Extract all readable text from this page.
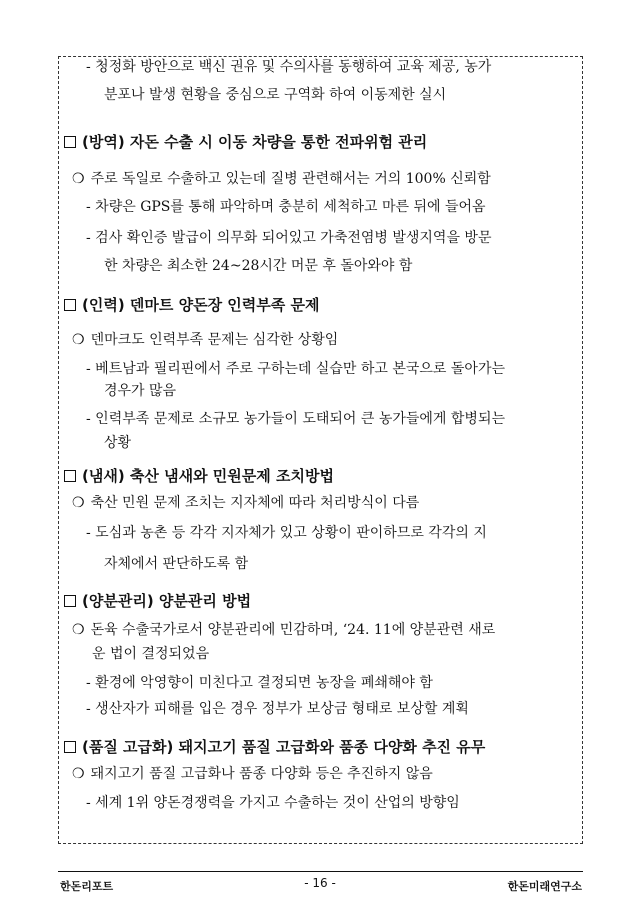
- 청정화 방안으로 백신 권유 및 수의사를 동행하여 교육 제공, 농가
분포나 발생 현황을 중심으로 구역화 하여 이동제한 실시
(방역) 자돈 수출 시 이동 차량을 통한 전파위험 관리
❍ 주로 독일로 수출하고 있는데 질병 관련해서는 거의 100% 신뢰함
- 차량은 GPS를 통해 파악하며 충분히 세척하고 마른 뒤에 들어옴
- 검사 확인증 발급이 의무화 되어있고 가축전염병 발생지역을 방문
한 차량은 최소한 24~28시간 머문 후 돌아와야 함
(인력) 덴마트 양돈장 인력부족 문제
❍ 덴마크도 인력부족 문제는 심각한 상황임
- 베트남과 필리핀에서 주로 구하는데 실습만 하고 본국으로 돌아가는
경우가 많음
- 인력부족 문제로 소규모 농가들이 도태되어 큰 농가들에게 합병되는
상황
(냄새) 축산 냄새와 민원문제 조치방법
❍ 축산 민원 문제 조치는 지자체에 따라 처리방식이 다름
- 도심과 농촌 등 각각 지자체가 있고 상황이 판이하므로 각각의 지
자체에서 판단하도록 함
(양분관리) 양분관리 방법
❍ 돈육 수출국가로서 양분관리에 민감하며, ‘24. 11에 양분관련 새로
운 법이 결정되었음
- 환경에 악영향이 미친다고 결정되면 농장을 폐쇄해야 함
- 생산자가 피해를 입은 경우 정부가 보상금 형태로 보상할 계획
(품질 고급화) 돼지고기 품질 고급화와 품종 다양화 추진 유무
❍ 돼지고기 품질 고급화나 품종 다양화 등은 추진하지 않음
- 세계 1위 양돈경쟁력을 가지고 수출하는 것이 산업의 방향임
한돈리포트	- 16 -	한돈미래연구소
